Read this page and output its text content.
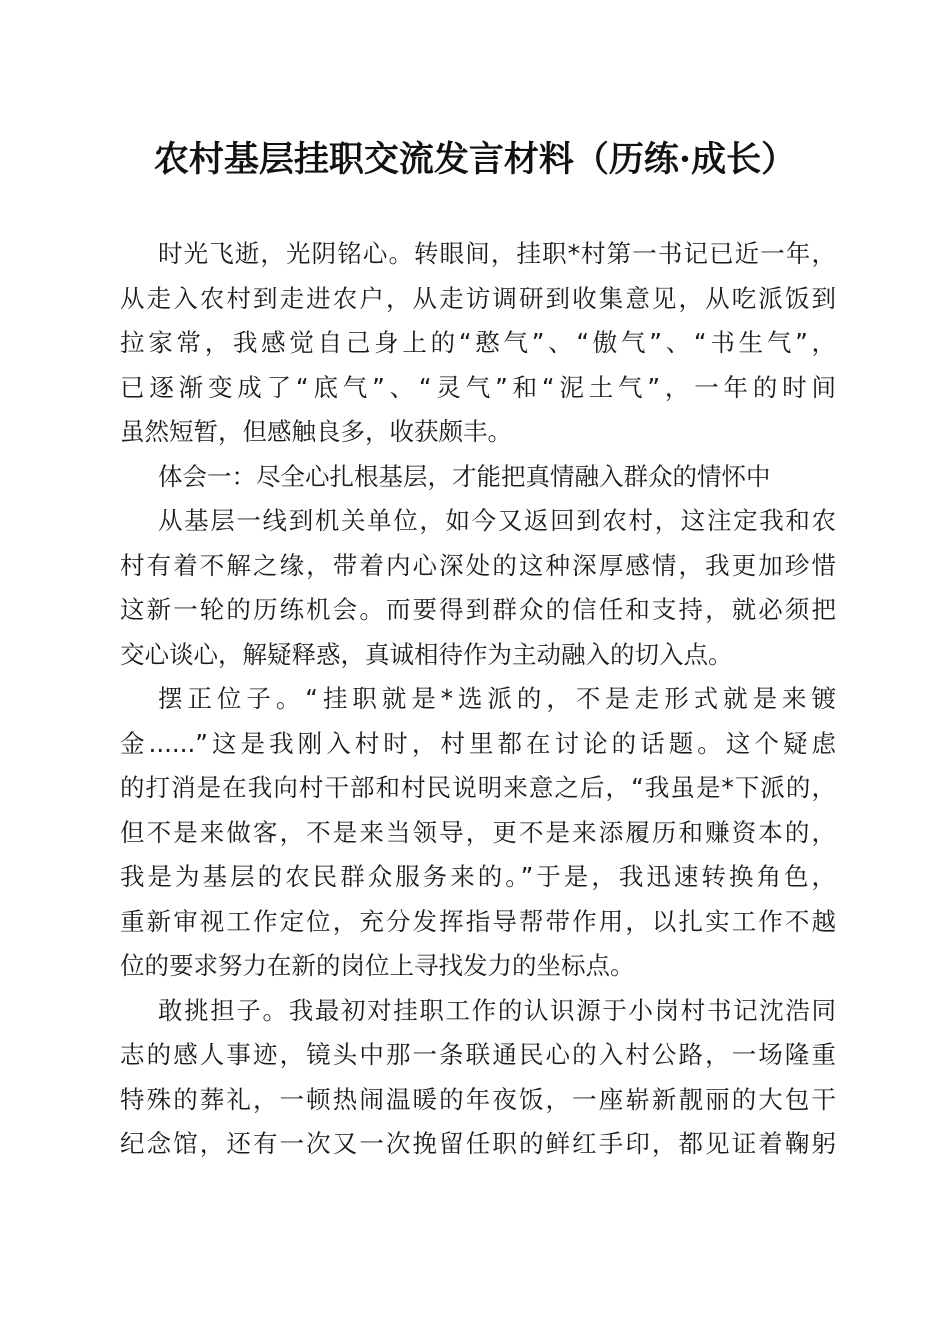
农村基层挂职交流发言材料（历练·成长）
时光飞逝，光阴铭心。转眼间，挂职*村第一书记已近一年，
从走入农村到走进农户，从走访调研到收集意见，从吃派饭到
拉家常，我感觉自己身上的“憨气”、“傲气”、“书生气”，
已逐渐变成了“底气”、“灵气”和“泥土气”，一年的时间
虽然短暂，但感触良多，收获颇丰。
体会一：尽全心扎根基层，才能把真情融入群众的情怀中
从基层一线到机关单位，如今又返回到农村，这注定我和农
村有着不解之缘，带着内心深处的这种深厚感情，我更加珍惜
这新一轮的历练机会。而要得到群众的信任和支持，就必须把
交心谈心，解疑释惑，真诚相待作为主动融入的切入点。
摆正位子。“挂职就是*选派的，不是走形式就是来镀
金......”这是我刚入村时，村里都在讨论的话题。这个疑虑
的打消是在我向村干部和村民说明来意之后，“我虽是*下派的，
但不是来做客，不是来当领导，更不是来添履历和赚资本的，
我是为基层的农民群众服务来的。”于是，我迅速转换角色，
重新审视工作定位，充分发挥指导帮带作用，以扎实工作不越
位的要求努力在新的岗位上寻找发力的坐标点。
敢挑担子。我最初对挂职工作的认识源于小岗村书记沈浩同
志的感人事迹，镜头中那一条联通民心的入村公路，一场隆重
特殊的葬礼，一顿热闹温暖的年夜饭，一座崭新靓丽的大包干
纪念馆，还有一次又一次挽留任职的鲜红手印，都见证着鞠躬
